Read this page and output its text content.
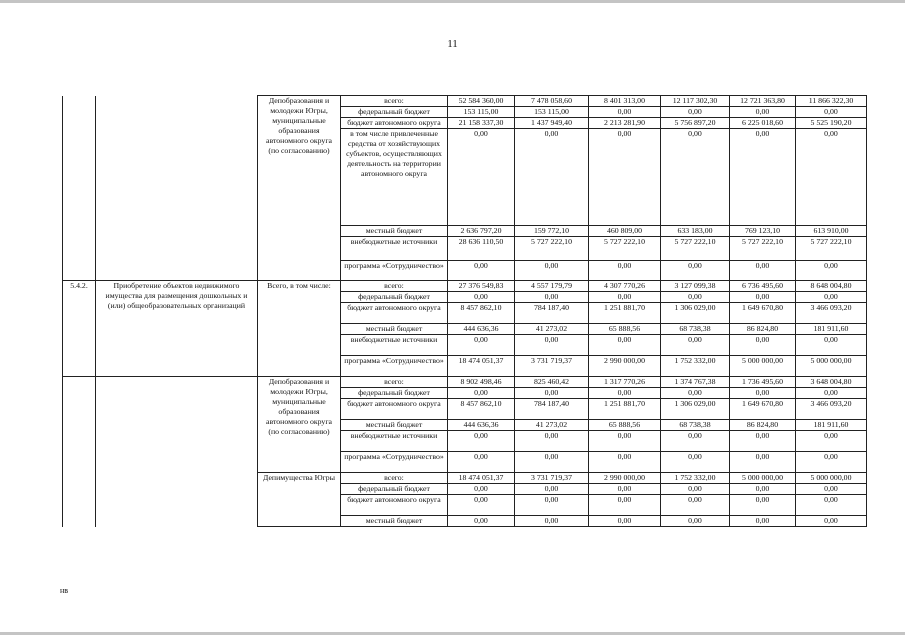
11
		Депобразования и молодежи Югры, муниципальные образования автономного округа (по согласованию)	всего:	52 584 360,00	7 478 058,60	8 401 313,00	12 117 302,30	12 721 363,80	11 866 322,30
			федеральный бюджет	153 115,00	153 115,00	0,00	0,00	0,00	0,00
			бюджет автономного округа	21 158 337,30	1 437 949,40	2 213 281,90	5 756 897,20	6 225 018,60	5 525 190,20
			в том числе привлеченные средства от хозяйствующих субъектов, осуществляющих деятельность на территории автономного округа	0,00	0,00	0,00	0,00	0,00	0,00
			местный бюджет	2 636 797,20	159 772,10	460 809,00	633 183,00	769 123,10	613 910,00
			внебюджетные источники	28 636 110,50	5 727 222,10	5 727 222,10	5 727 222,10	5 727 222,10	5 727 222,10
			программа «Сотрудничество»	0,00	0,00	0,00	0,00	0,00	0,00
5.4.2.	Приобретение объектов недвижимого имущества для размещения дошкольных и (или) общеобразовательных организаций	Всего, в том числе:	всего:	27 376 549,83	4 557 179,79	4 307 770,26	3 127 099,38	6 736 495,60	8 648 004,80
			федеральный бюджет	0,00	0,00	0,00	0,00	0,00	0,00
			бюджет автономного округа	8 457 862,10	784 187,40	1 251 881,70	1 306 029,00	1 649 670,80	3 466 093,20
			местный бюджет	444 636,36	41 273,02	65 888,56	68 738,38	86 824,80	181 911,60
			внебюджетные источники	0,00	0,00	0,00	0,00	0,00	0,00
			программа «Сотрудничество»	18 474 051,37	3 731 719,37	2 990 000,00	1 752 332,00	5 000 000,00	5 000 000,00
		Депобразования и молодежи Югры, муниципальные образования автономного округа (по согласованию)	всего:	8 902 498,46	825 460,42	1 317 770,26	1 374 767,38	1 736 495,60	3 648 004,80
			федеральный бюджет	0,00	0,00	0,00	0,00	0,00	0,00
			бюджет автономного округа	8 457 862,10	784 187,40	1 251 881,70	1 306 029,00	1 649 670,80	3 466 093,20
			местный бюджет	444 636,36	41 273,02	65 888,56	68 738,38	86 824,80	181 911,60
			внебюджетные источники	0,00	0,00	0,00	0,00	0,00	0,00
			программа «Сотрудничество»	0,00	0,00	0,00	0,00	0,00	0,00
		Депимущества Югры	всего:	18 474 051,37	3 731 719,37	2 990 000,00	1 752 332,00	5 000 000,00	5 000 000,00
			федеральный бюджет	0,00	0,00	0,00	0,00	0,00	0,00
			бюджет автономного округа	0,00	0,00	0,00	0,00	0,00	0,00
			местный бюджет	0,00	0,00	0,00	0,00	0,00	0,00
нв
